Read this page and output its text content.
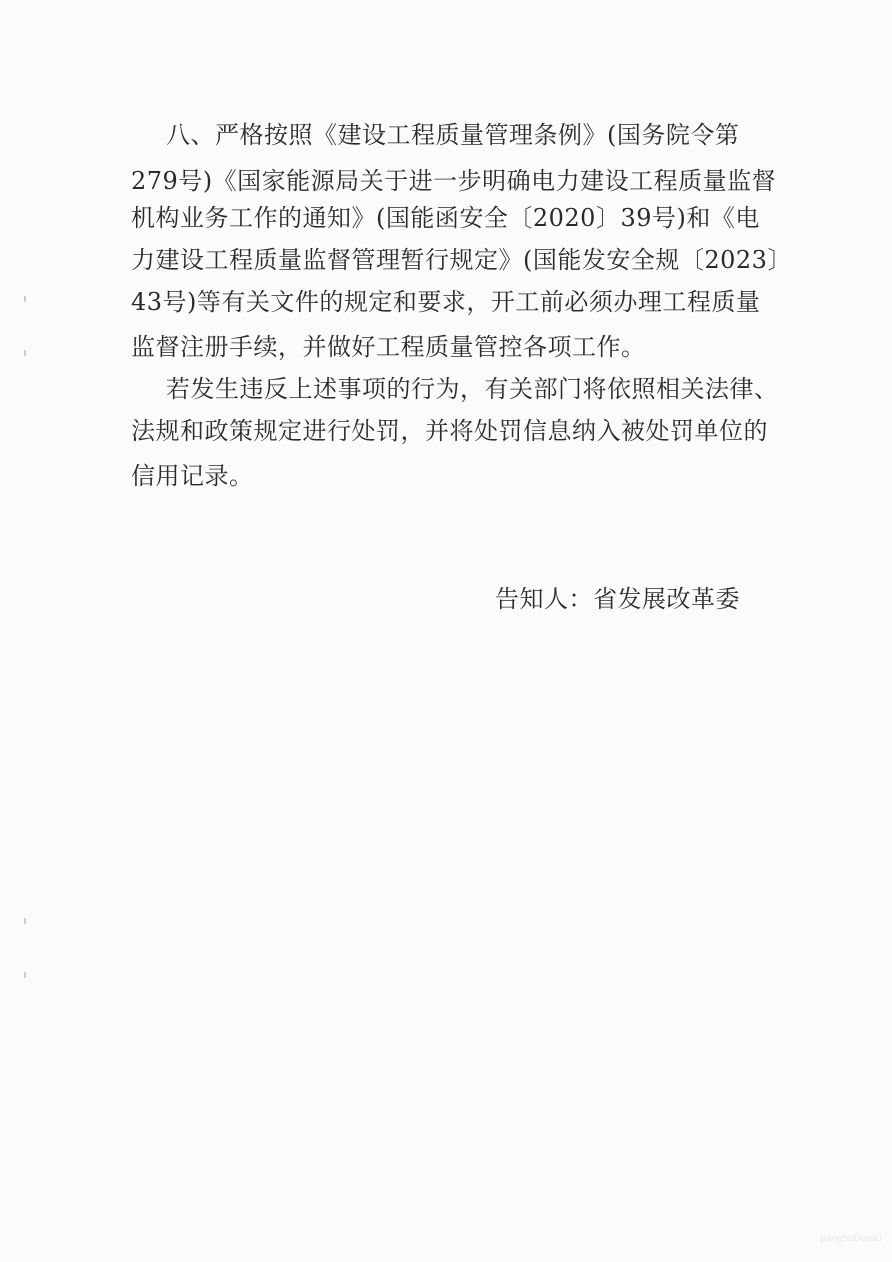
八、严格按照《建设工程质量管理条例》(国务院令第
279号)《国家能源局关于进一步明确电力建设工程质量监督
机构业务工作的通知》(国能函安全〔2020〕39号)和《电
力建设工程质量监督管理暂行规定》(国能发安全规〔2023〕
43号)等有关文件的规定和要求，开工前必须办理工程质量
监督注册手续，并做好工程质量管控各项工作。
若发生违反上述事项的行为，有关部门将依照相关法律、
法规和政策规定进行处罚，并将处罚信息纳入被处罚单位的
信用记录。
告知人：省发展改革委
JiangSuDianLi
